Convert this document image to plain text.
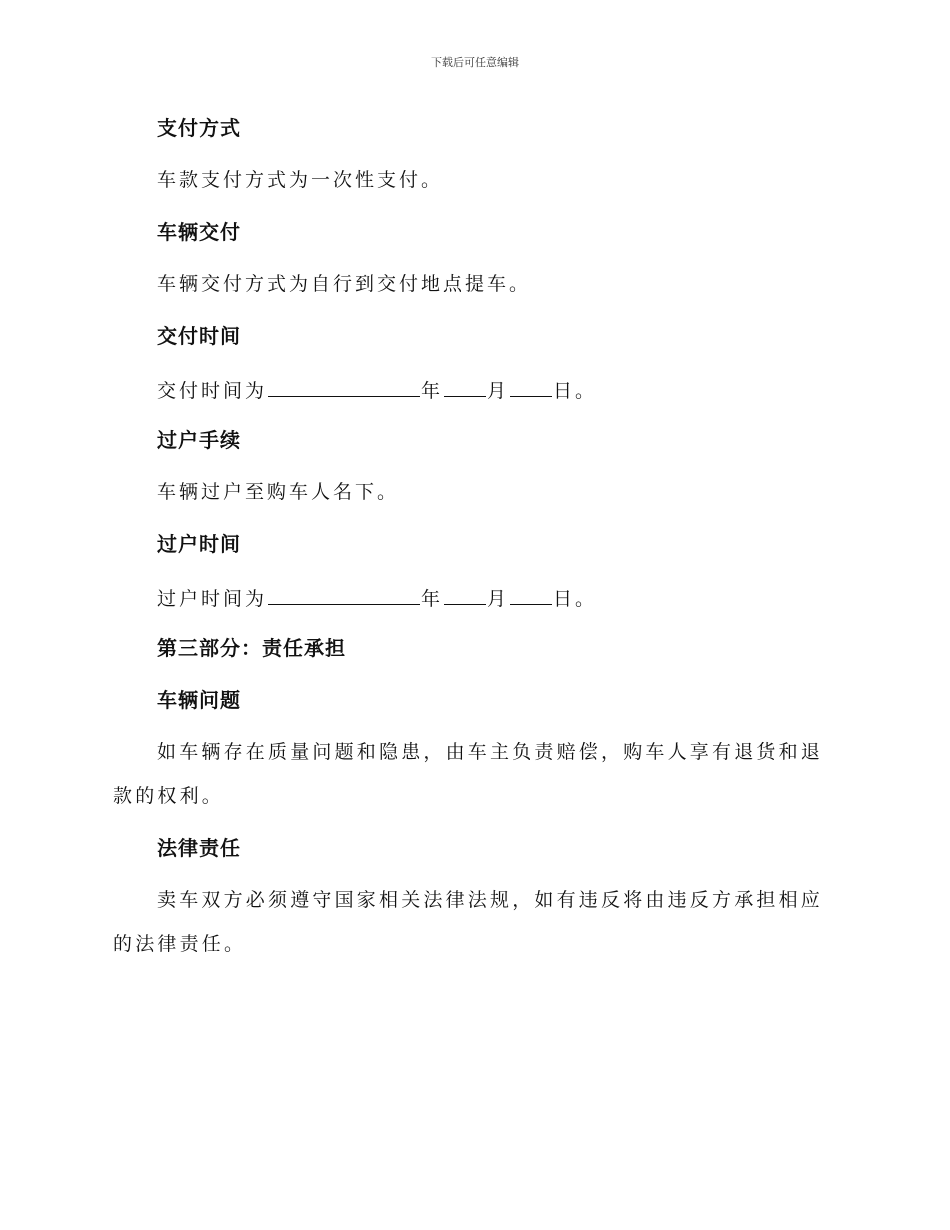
下载后可任意编辑
支付方式
车款支付方式为一次性支付。
车辆交付
车辆交付方式为自行到交付地点提车。
交付时间
交付时间为	年 月 日。
过户手续
车辆过户至购车人名下。
过户时间
过户时间为	年 月 日。
第三部分：责任承担
车辆问题
如车辆存在质量问题和隐患，由车主负责赔偿，购车人享有退货和退款的权利。
法律责任
卖车双方必须遵守国家相关法律法规，如有违反将由违反方承担相应的法律责任。
